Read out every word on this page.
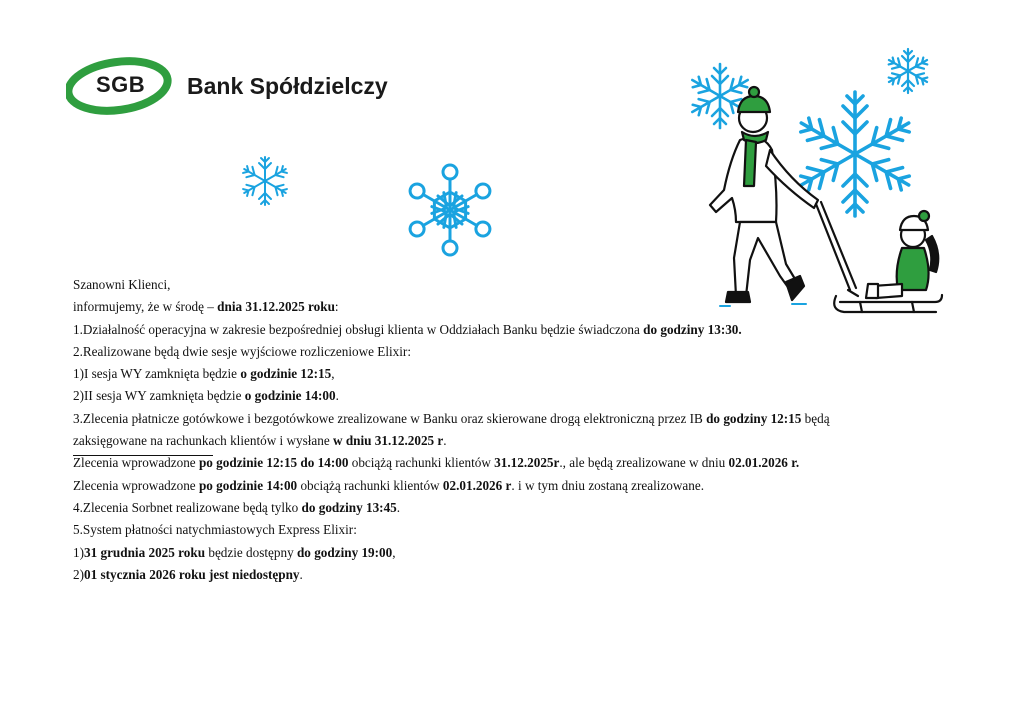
SGB Bank Spółdzielczy
Szanowni Klienci,
informujemy, że w środę – dnia 31.12.2025 roku:
1.Działalność operacyjna w zakresie bezpośredniej obsługi klienta w Oddziałach Banku będzie świadczona do godziny 13:30.
2.Realizowane będą dwie sesje wyjściowe rozliczeniowe Elixir:
1)I sesja WY zamknięta będzie o godzinie 12:15,
2)II sesja WY zamknięta będzie o godzinie 14:00.
3.Zlecenia płatnicze gotówkowe i bezgotówkowe zrealizowane w Banku oraz skierowane drogą elektroniczną przez IB do godziny 12:15 będą
zaksięgowane na rachunkach klientów i wysłane w dniu 31.12.2025 r.
Zlecenia wprowadzone po godzinie 12:15 do 14:00 obciążą rachunki klientów 31.12.2025r., ale będą zrealizowane w dniu 02.01.2026 r.
Zlecenia wprowadzone po godzinie 14:00 obciążą rachunki klientów 02.01.2026 r. i w tym dniu zostaną zrealizowane.
4.Zlecenia Sorbnet realizowane będą tylko do godziny 13:45.
5.System płatności natychmiastowych Express Elixir:
1)31 grudnia 2025 roku będzie dostępny do godziny 19:00,
2)01 stycznia 2026 roku jest niedostępny.
